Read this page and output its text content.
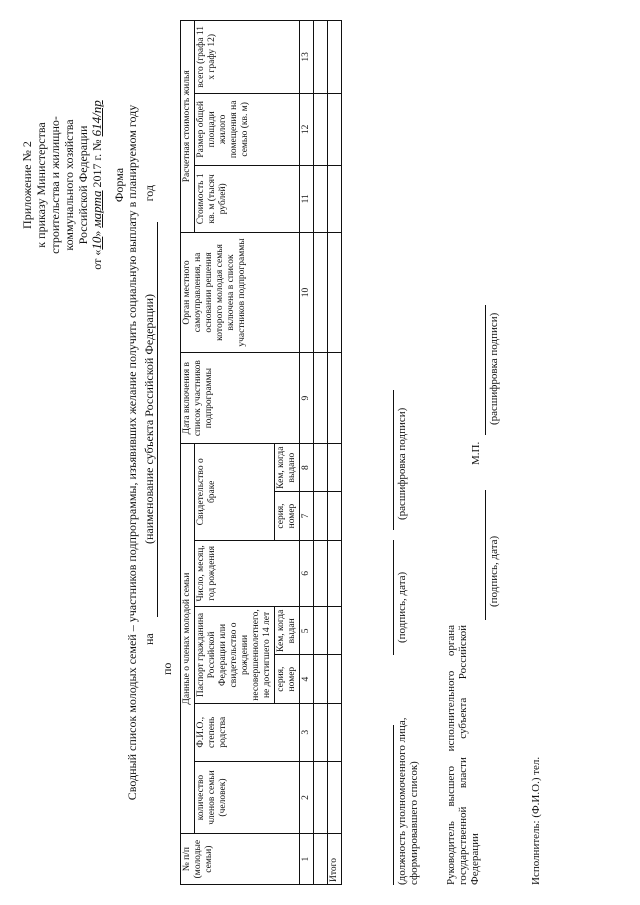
Приложение № 2 к приказу Министерства строительства и жилищно- коммунального хозяйства Российской Федерации
от «10» марта 2017 г. № 614/пр
Форма Сводный список молодых семей – участников подпрограммы, изъявивших желание получить социальную выплату в планируемом году на
(наименование субъекта Российской Федерации)
год
по
№ п/п (молодые семьи)	Данные о членах молодой семьи							Дата включения в список участников подпрограммы	Орган местного самоуправления, на основании решения которого молодая семья включена в список участников подпрограммы	Расчетная стоимость жилья		
	количество членов семьи (человек)	Ф.И.О., степень родства	Паспорт гражданина Российской Федерации или свидетельство о рождении несовершеннолетнего, не достигшего 14 лет		Число, месяц, год рождения	Свидетельство о браке				Стоимость 1 кв. м (тысяч рублей)	Размер общей площади жилого помещения на семью (кв. м)	всего (графа 11 х графу 12)
			серия, номер	Кем, когда выдан		серия, номер	Кем, когда выдано					
1	2	3	4	5	6	7	8	9	10	11	12	13

Итого													(должность уполномоченного лица, сформировавшего список)
(подпись, дата)
(расшифровка подписи)
Руководитель высшего исполнительного органа государственной власти субъекта Российской Федерации
(подпись, дата)
М.П.
(расшифровка подписи)
Исполнитель: (Ф.И.О.) тел.
